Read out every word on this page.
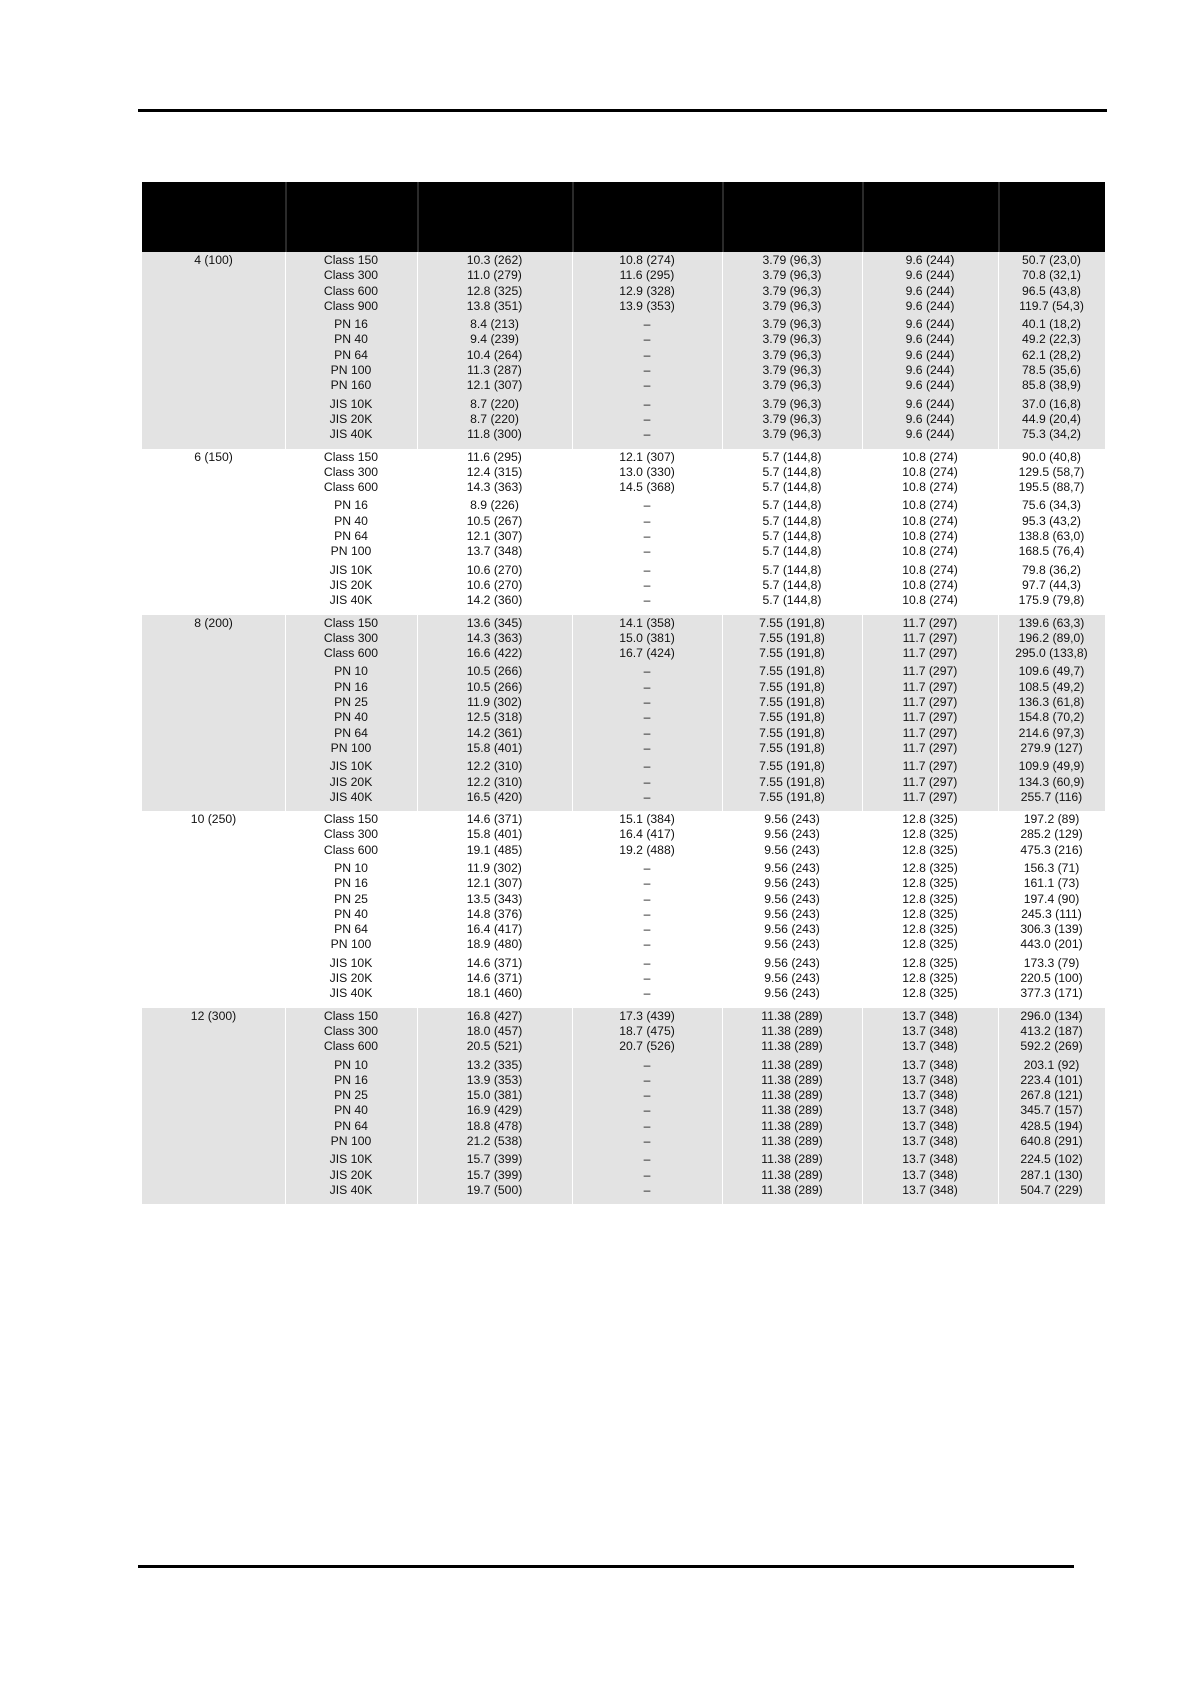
4 (100)	Class 150	10.3 (262)	10.8 (274)	3.79 (96,3)	9.6 (244)	50.7 (23,0)
Class 300	11.0 (279)	11.6 (295)	3.79 (96,3)	9.6 (244)	70.8 (32,1)
Class 600	12.8 (325)	12.9 (328)	3.79 (96,3)	9.6 (244)	96.5 (43,8)
Class 900	13.8 (351)	13.9 (353)	3.79 (96,3)	9.6 (244)	119.7 (54,3)
PN 16	8.4 (213)	–	3.79 (96,3)	9.6 (244)	40.1 (18,2)
PN 40	9.4 (239)	–	3.79 (96,3)	9.6 (244)	49.2 (22,3)
PN 64	10.4 (264)	–	3.79 (96,3)	9.6 (244)	62.1 (28,2)
PN 100	11.3 (287)	–	3.79 (96,3)	9.6 (244)	78.5 (35,6)
PN 160	12.1 (307)	–	3.79 (96,3)	9.6 (244)	85.8 (38,9)
JIS 10K	8.7 (220)	–	3.79 (96,3)	9.6 (244)	37.0 (16,8)
JIS 20K	8.7 (220)	–	3.79 (96,3)	9.6 (244)	44.9 (20,4)
JIS 40K	11.8 (300)	–	3.79 (96,3)	9.6 (244)	75.3 (34,2)
6 (150)	Class 150	11.6 (295)	12.1 (307)	5.7 (144,8)	10.8 (274)	90.0 (40,8)
Class 300	12.4 (315)	13.0 (330)	5.7 (144,8)	10.8 (274)	129.5 (58,7)
Class 600	14.3 (363)	14.5 (368)	5.7 (144,8)	10.8 (274)	195.5 (88,7)
PN 16	8.9 (226)	–	5.7 (144,8)	10.8 (274)	75.6 (34,3)
PN 40	10.5 (267)	–	5.7 (144,8)	10.8 (274)	95.3 (43,2)
PN 64	12.1 (307)	–	5.7 (144,8)	10.8 (274)	138.8 (63,0)
PN 100	13.7 (348)	–	5.7 (144,8)	10.8 (274)	168.5 (76,4)
JIS 10K	10.6 (270)	–	5.7 (144,8)	10.8 (274)	79.8 (36,2)
JIS 20K	10.6 (270)	–	5.7 (144,8)	10.8 (274)	97.7 (44,3)
JIS 40K	14.2 (360)	–	5.7 (144,8)	10.8 (274)	175.9 (79,8)
8 (200)	Class 150	13.6 (345)	14.1 (358)	7.55 (191,8)	11.7 (297)	139.6 (63,3)
Class 300	14.3 (363)	15.0 (381)	7.55 (191,8)	11.7 (297)	196.2 (89,0)
Class 600	16.6 (422)	16.7 (424)	7.55 (191,8)	11.7 (297)	295.0 (133,8)
PN 10	10.5 (266)	–	7.55 (191,8)	11.7 (297)	109.6 (49,7)
PN 16	10.5 (266)	–	7.55 (191,8)	11.7 (297)	108.5 (49,2)
PN 25	11.9 (302)	–	7.55 (191,8)	11.7 (297)	136.3 (61,8)
PN 40	12.5 (318)	–	7.55 (191,8)	11.7 (297)	154.8 (70,2)
PN 64	14.2 (361)	–	7.55 (191,8)	11.7 (297)	214.6 (97,3)
PN 100	15.8 (401)	–	7.55 (191,8)	11.7 (297)	279.9 (127)
JIS 10K	12.2 (310)	–	7.55 (191,8)	11.7 (297)	109.9 (49,9)
JIS 20K	12.2 (310)	–	7.55 (191,8)	11.7 (297)	134.3 (60,9)
JIS 40K	16.5 (420)	–	7.55 (191,8)	11.7 (297)	255.7 (116)
10 (250)	Class 150	14.6 (371)	15.1 (384)	9.56 (243)	12.8 (325)	197.2 (89)
Class 300	15.8 (401)	16.4 (417)	9.56 (243)	12.8 (325)	285.2 (129)
Class 600	19.1 (485)	19.2 (488)	9.56 (243)	12.8 (325)	475.3 (216)
PN 10	11.9 (302)	–	9.56 (243)	12.8 (325)	156.3 (71)
PN 16	12.1 (307)	–	9.56 (243)	12.8 (325)	161.1 (73)
PN 25	13.5 (343)	–	9.56 (243)	12.8 (325)	197.4 (90)
PN 40	14.8 (376)	–	9.56 (243)	12.8 (325)	245.3 (111)
PN 64	16.4 (417)	–	9.56 (243)	12.8 (325)	306.3 (139)
PN 100	18.9 (480)	–	9.56 (243)	12.8 (325)	443.0 (201)
JIS 10K	14.6 (371)	–	9.56 (243)	12.8 (325)	173.3 (79)
JIS 20K	14.6 (371)	–	9.56 (243)	12.8 (325)	220.5 (100)
JIS 40K	18.1 (460)	–	9.56 (243)	12.8 (325)	377.3 (171)
12 (300)	Class 150	16.8 (427)	17.3 (439)	11.38 (289)	13.7 (348)	296.0 (134)
Class 300	18.0 (457)	18.7 (475)	11.38 (289)	13.7 (348)	413.2 (187)
Class 600	20.5 (521)	20.7 (526)	11.38 (289)	13.7 (348)	592.2 (269)
PN 10	13.2 (335)	–	11.38 (289)	13.7 (348)	203.1 (92)
PN 16	13.9 (353)	–	11.38 (289)	13.7 (348)	223.4 (101)
PN 25	15.0 (381)	–	11.38 (289)	13.7 (348)	267.8 (121)
PN 40	16.9 (429)	–	11.38 (289)	13.7 (348)	345.7 (157)
PN 64	18.8 (478)	–	11.38 (289)	13.7 (348)	428.5 (194)
PN 100	21.2 (538)	–	11.38 (289)	13.7 (348)	640.8 (291)
JIS 10K	15.7 (399)	–	11.38 (289)	13.7 (348)	224.5 (102)
JIS 20K	15.7 (399)	–	11.38 (289)	13.7 (348)	287.1 (130)
JIS 40K	19.7 (500)	–	11.38 (289)	13.7 (348)	504.7 (229)
